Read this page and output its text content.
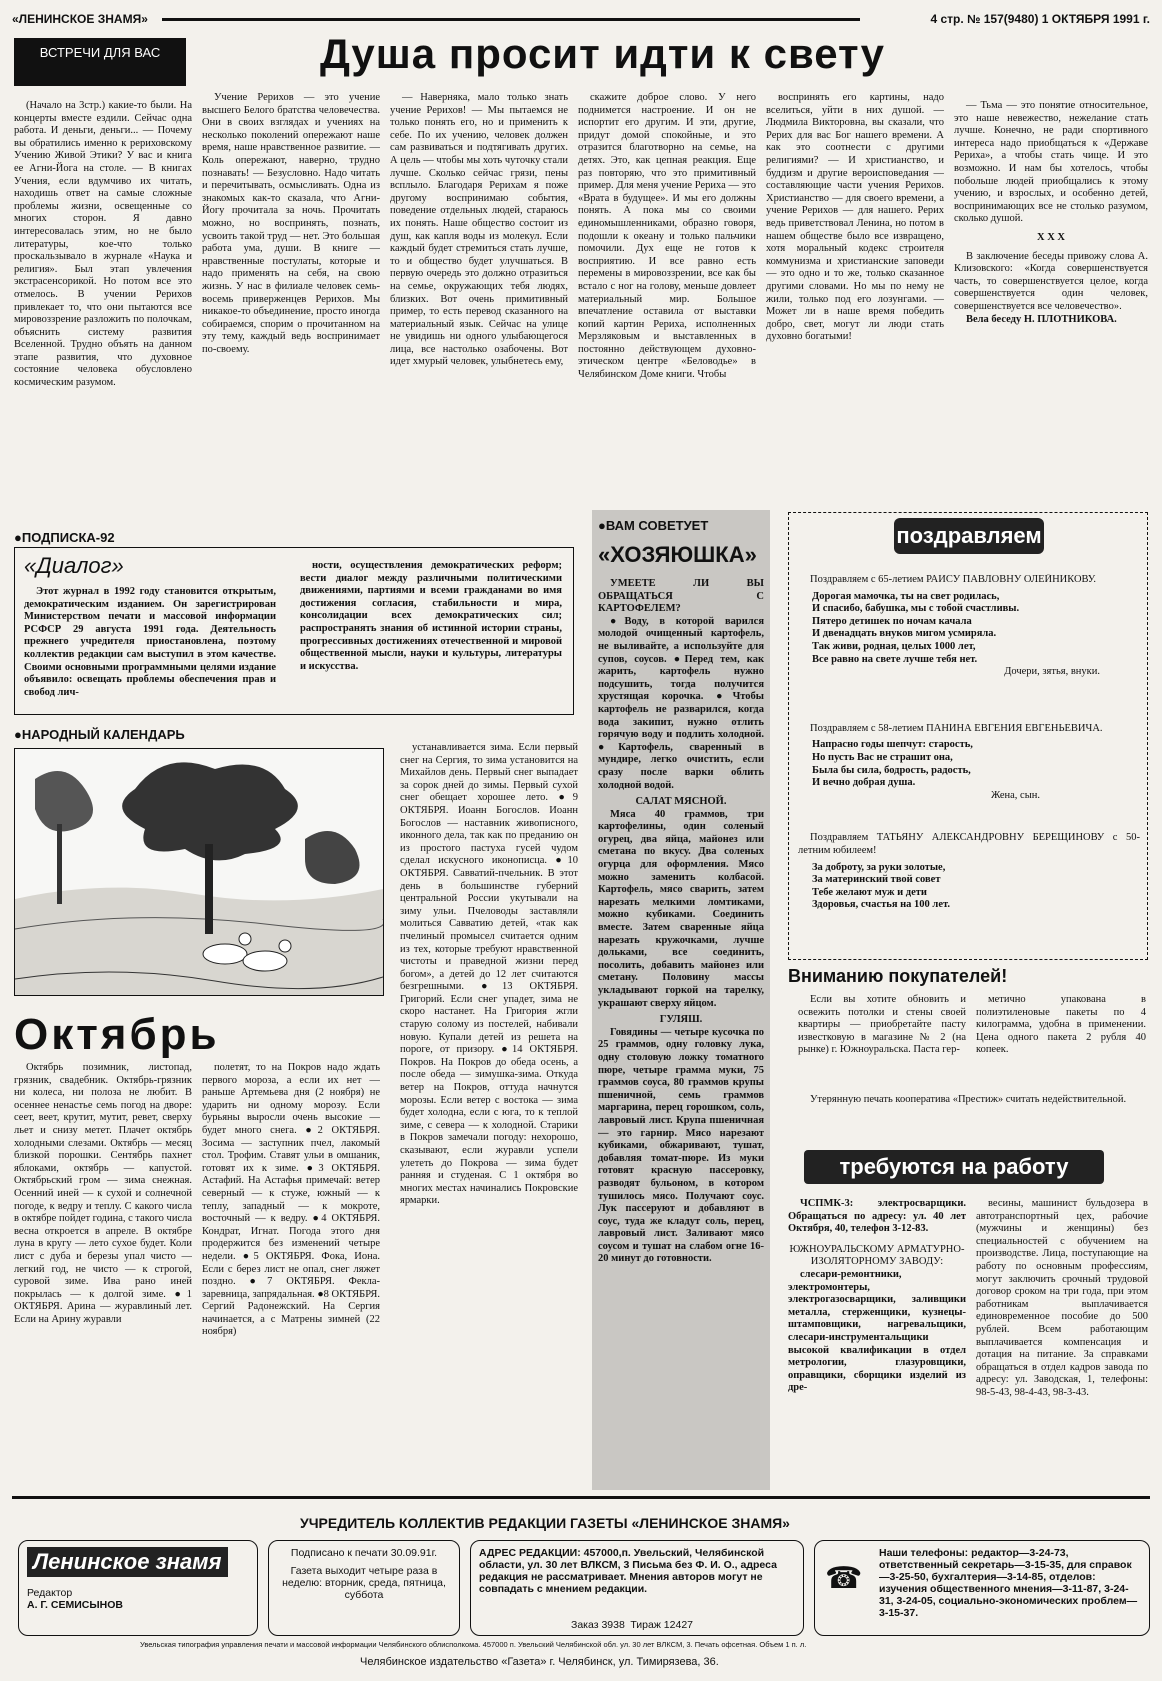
«ЛЕНИНСКОЕ ЗНАМЯ»	4 стр. № 157(9480) 1 ОКТЯБРЯ 1991 г.
ВСТРЕЧИ ДЛЯ ВАС	Душа просит идти к свету

(Начало на 3стр.) какие-то были. На концерты вместе ездили. Сейчас одна работа. И деньги, деньги... — Почему вы обратились именно к рериховскому Учению Живой Этики? У вас и книга ее Агни-Йога на столе. — В книгах Учения, если вдумчиво их читать, находишь ответ на самые сложные проблемы жизни, освещенные со многих сторон. Я давно интересовалась этим, но не было литературы, кое-что только проскальзывало в журнале «Наука и религия». Был этап увлечения экстрасенсорикой. Но потом все это отмелось. В учении Рерихов привлекает то, что они пытаются все мировоззрение разложить по полочкам, объяснить систему развития Вселенной. Трудно объять на данном этапе развития, что духовное состояние человека обусловлено космическим разумом.

Учение Рерихов — это учение высшего Белого братства человечества. Они в своих взглядах и учениях на несколько поколений опережают наше время, наше нравственное развитие. — Коль опережают, наверно, трудно познавать! — Безусловно. Надо читать и перечитывать, осмысливать. Одна из знакомых как-то сказала, что Агни-Йогу прочитала за ночь. Прочитать можно, но воспринять, познать, усвоить такой труд — нет. Это большая работа ума, души. В книге — нравственные постулаты, которые и надо применять на себя, на свою жизнь. У нас в филиале человек семь-восемь приверженцев Рерихов. Мы никакое-то объединение, просто иногда собираемся, спорим о прочитанном на эту тему, каждый ведь воспринимает по-своему.

— Наверняка, мало только знать учение Рерихов! — Мы пытаемся не только понять его, но и применить к себе. По их учению, человек должен сам развиваться и подтягивать других. А цель — чтобы мы хоть чуточку стали лучше. Сколько сейчас грязи, пены всплыло. Благодаря Рерихам я поже другому воспринимаю события, поведение отдельных людей, стараюсь их понять. Наше общество состоит из душ, как капля воды из молекул. Если каждый будет стремиться стать лучше, то и общество будет улучшаться. В первую очередь это должно отразиться на семье, окружающих тебя людях, близких. Вот очень примитивный пример, то есть перевод сказанного на материальный язык. Сейчас на улице не увидишь ни одного улыбающегося лица, все настолько озабочены. Вот идет хмурый человек, улыбнетесь ему,

скажите доброе слово. У него поднимется настроение. И он не испортит его другим. И эти, другие, придут домой спокойные, и это отразится благотворно на семье, на детях. Это, как цепная реакция. Еще раз повторяю, что это примитивный пример. Для меня учение Рериха — это «Врата в будущее». И мы его должны понять. А пока мы со своими единомышленниками, образно говоря, подошли к океану и только пальчики помочили. Дух еще не готов к восприятию. И все равно есть перемены в мировоззрении, все как бы встало с ног на голову, меньше довлеет материальный мир. Большое впечатление оставила от выставки копий картин Рериха, исполненных Мерзляковым и выставленных в постоянно действующем духовно-этическом центре «Беловодье» в Челябинском Доме книги. Чтобы

воспринять его картины, надо вселиться, уйти в них душой. — Людмила Викторовна, вы сказали, что Рерих для вас Бог нашего времени. А как это соотнести с другими религиями? — И христианство, и буддизм и другие вероисповедания — составляющие части учения Рерихов. Христианство — для своего времени, а учение Рерихов — для нашего. Рерих ведь приветствовал Ленина, но потом в нашем обществе было все извращено, хотя моральный кодекс строителя коммунизма и христианские заповеди — это одно и то же, только сказанное другими словами. Но мы по нему не жили, только под его лозунгами. — Может ли в наше время победить добро, свет, могут ли люди стать духовно богатыми!

— Тьма — это понятие относительное, это наше невежество, нежелание стать лучше. Конечно, не ради спортивного интереса надо приобщаться к «Державе Рериха», а чтобы стать чище. И это возможно. И нам бы хотелось, чтобы побольше людей приобщались к этому учению, и взрослых, и особенно детей, воспринимающих все не столько разумом, сколько душой.

Х Х Х

В заключение беседы привожу слова А. Клизовского: «Когда совершенствуется часть, то совершенствуется целое, когда совершенствуется один человек, совершенствуется все человечество».

Вела беседу Н. ПЛОТНИКОВА.

●ПОДПИСКА-92
«Диалог»

Этот журнал в 1992 году становится открытым, демократическим изданием. Он зарегистрирован Министерством печати и массовой информации РСФСР 29 августа 1991 года. Деятельность прежнего учредителя приостановлена, поэтому коллектив редакции сам выступил в этом качестве. Своими основными программными целями издание объявило: освещать проблемы обеспечения прав и свобод лич-

ности, осуществления демократических реформ; вести диалог между различными политическими движениями, партиями и всеми гражданами во имя достижения согласия, стабильности и мира, консолидации всех демократических сил; распространять знания об истинной истории страны, прогрессивных достижениях отечественной и мировой общественной мысли, науки и культуры, литературы и искусства.

●НАРОДНЫЙ КАЛЕНДАРЬ
Октябрь

Октябрь позимник, листопад, грязник, свадебник. Октябрь-грязник ни колеса, ни полоза не любит. В осеннее ненастье семь погод на дворе: сеет, веет, крутит, мутит, ревет, сверху льет и снизу метет. Плачет октябрь холодными слезами. Октябрь — месяц близкой порошки. Сентябрь пахнет яблоками, октябрь — капустой. Октябрьский гром — зима снежная. Осенний иней — к сухой и солнечной погоде, к ведру и теплу. С какого числа в октябре пойдет година, с такого числа весна откроется в апреле. В октябре луна в кругу — лето сухое будет. Коли лист с дуба и березы упал чисто — легкий год, не чисто — к строгой, суровой зиме. Ива рано иней покрылась — к долгой зиме. ●1 ОКТЯБРЯ. Арина — журавлиный лет. Если на Арину журавли

полетят, то на Покров надо ждать первого мороза, а если их нет — раньше Артемьева дня (2 ноября) не ударить ни одному морозу. Если бурьяны выросли очень высокие — будет много снега. ●2 ОКТЯБРЯ. Зосима — заступник пчел, лакомый стол. Трофим. Ставят ульи в омшаник, готовят их к зиме. ●3 ОКТЯБРЯ. Астафий. На Астафья примечай: ветер северный — к стуже, южный — к теплу, западный — к мокроте, восточный — к ведру. ●4 ОКТЯБРЯ. Кондрат, Игнат. Погода этого дня продержится без изменений четыре недели. ●5 ОКТЯБРЯ. Фока, Иона. Если с берез лист не опал, снег ляжет поздно. ●7 ОКТЯБРЯ. Фекла-заревница, запрядальная. ●8 ОКТЯБРЯ. Сергий Радонежский. На Сергия начинается, а с Матрены зимней (22 ноября)

устанавливается зима. Если первый снег на Сергия, то зима установится на Михайлов день. Первый снег выпадает за сорок дней до зимы. Первый сухой снег обещает хорошее лето. ●9 ОКТЯБРЯ. Иоанн Богослов. Иоанн Богослов — наставник живописного, иконного дела, так как по преданию он из простого пастуха гусей чудом сделал искусного иконописца. ●10 ОКТЯБРЯ. Савватий-пчельник. В этот день в большинстве губерний центральной России укутывали на зиму ульи. Пчеловоды заставляли молиться Савватию детей, «так как пчелиный промысел считается одним из тех, которые требуют нравственной чистоты и праведной жизни перед богом», а детей до 12 лет считаются безгрешными. ●13 ОКТЯБРЯ. Григорий. Если снег упадет, зима не скоро настанет. На Григория жгли старую солому из постелей, набивали новую. Купали детей из решета на пороге, от призору. ●14 ОКТЯБРЯ. Покров. На Покров до обеда осень, а после обеда — зимушка-зима. Откуда ветер на Покров, оттуда начнутся морозы. Если ветер с востока — зима будет холодна, если с юга, то к теплой зиме, с севера — к холодной. Старики в Покров замечали погоду: нехорошо, сказывают, если журавли успели улететь до Покрова — зима будет ранняя и студеная. С 1 октября во многих местах начинались Покровские ярмарки.

●ВАМ СОВЕТУЕТ
«ХОЗЯЮШКА»

УМЕЕТЕ ЛИ ВЫ ОБРАЩАТЬСЯ С КАРТОФЕЛЕМ?

●Воду, в которой варился молодой очищенный картофель, не выливайте, а используйте для супов, соусов. ●Перед тем, как жарить, картофель нужно подсушить, тогда получится хрустящая корочка. ●Чтобы картофель не разварился, когда вода закипит, нужно отлить горячую воду и подлить холодной. ●Картофель, сваренный в мундире, легко очистить, если сразу после варки облить холодной водой.

САЛАТ МЯСНОЙ.

Мяса 40 граммов, три картофелины, один соленый огурец, два яйца, майонез или сметана по вкусу. Два соленых огурца для оформления. Мясо можно заменить колбасой. Картофель, мясо сварить, затем нарезать мелкими ломтиками, можно кубиками. Соединить вместе. Затем сваренные яйца нарезать кружочками, лучше дольками, все соединить, посолить, добавить майонез или сметану. Половину массы укладывают горкой на тарелку, украшают сверху яйцом.

ГУЛЯШ.

Говядины — четыре кусочка по 25 граммов, одну головку лука, одну столовую ложку томатного пюре, четыре грамма муки, 75 граммов соуса, 80 граммов крупы пшеничной, семь граммов маргарина, перец горошком, соль, лавровый лист. Крупа пшеничная — это гарнир. Мясо нарезают кубиками, обжаривают, тушат, добавляя томат-пюре. Из муки готовят красную пассеровку, разводят бульоном, в котором тушилось мясо. Получают соус. Лук пассеруют и добавляют в соус, туда же кладут соль, перец, лавровый лист. Заливают мясо соусом и тушат на слабом огне 16-20 минут до готовности.

поздравляем

Поздравляем с 65-летием РАИСУ ПАВЛОВНУ ОЛЕЙНИКОВУ.

Дорогая мамочка, ты на свет родилась,
И спасибо, бабушка, мы с тобой счастливы.
Пятеро детишек по ночам качала
И двенадцать внуков мигом усмиряла.
Так живи, родная, целых 1000 лет,
Все равно на свете лучше тебя нет.
Дочери, зятья, внуки.

Поздравляем с 58-летием ПАНИНА ЕВГЕНИЯ ЕВГЕНЬЕВИЧА.

Напрасно годы шепчут: старость,
Но пусть Вас не страшит она,
Была бы сила, бодрость, радость,
И вечно добрая душа.
Жена, сын.

Поздравляем ТАТЬЯНУ АЛЕКСАНДРОВНУ БЕРЕЩИНОВУ с 50-летним юбилеем!

За доброту, за руки золотые,
За материнский твой совет
Тебе желают муж и дети
Здоровья, счастья на 100 лет.
Вниманию покупателей!

Если вы хотите обновить и освежить потолки и стены своей квартиры — приобретайте пасту известковую в магазине № 2 (на рынке) г. Южноуральска. Паста гер-

метично упакована в полиэтиленовые пакеты по 4 килограмма, удобна в применении. Цена одного пакета 2 рубля 40 копеек.

Утерянную печать кооператива «Престиж» считать недействительной.

требуются на работу

ЧСПМК-3: электросварщики. Обращаться по адресу: ул. 40 лет Октября, 40, телефон 3-12-83.

ЮЖНОУРАЛЬСКОМУ АРМАТУРНО-ИЗОЛЯТОРНОМУ ЗАВОДУ:

слесари-ремонтники, электромонтеры, электрогазосварщики, заливщики металла, стерженщики, кузнецы-штамповщики, нагревальщики, слесари-инструментальщики высокой квалификации в отдел метрологии, глазуровщики, оправщики, сборщики изделий из дре-

весины, машинист бульдозера в автотранспортный цех, рабочие (мужчины и женщины) без специальностей с обучением на производстве. Лица, поступающие на работу по основным профессиям, могут заключить срочный трудовой договор сроком на три года, при этом работникам выплачивается единовременное пособие до 500 рублей. Всем работающим выплачивается компенсация и дотация на питание. За справками обращаться в отдел кадров завода по адресу: ул. Заводская, 1, телефоны: 98-5-43, 98-4-43, 98-3-43.

УЧРЕДИТЕЛЬ КОЛЛЕКТИВ РЕДАКЦИИ ГАЗЕТЫ «ЛЕНИНСКОЕ ЗНАМЯ»
Ленинское знамя
Редактор
А. Г. СЕМИСЫНОВ
Подписано к печати 30.09.91г.
Газета выходит четыре раза в неделю: вторник, среда, пятница, суббота
АДРЕС РЕДАКЦИИ: 457000,п. Увельский, Челябинской области, ул. 30 лет ВЛКСМ, 3 Письма без Ф. И. О., адреса редакция не рассматривает. Мнения авторов могут не совпадать с мнением редакции.
Заказ 3938 Тираж 12427
☎
Наши телефоны: редактор—3-24-73, ответственный секретарь—3-15-35, для справок—3-25-50, бухгалтерия—3-14-85, отделов: изучения общественного мнения—3-11-87, 3-24-31, 3-24-05, социально-экономических проблем—3-15-37.
Увельская типография управления печати и массовой информации Челябинского облисполкома. 457000 п. Увельский Челябинской обл. ул. 30 лет ВЛКСМ, 3. Печать офсетная. Объем 1 п. л.
Челябинское издательство «Газета» г. Челябинск, ул. Тимирязева, 36.
